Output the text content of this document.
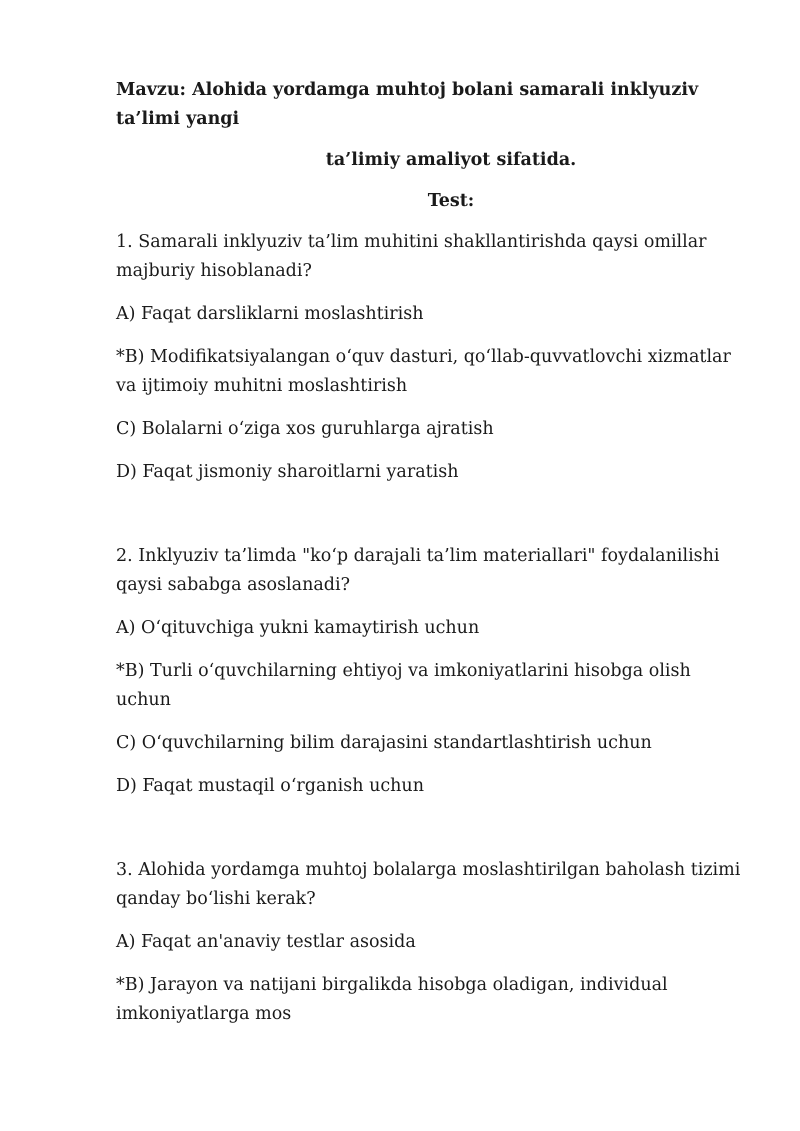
Mavzu: Alohida yordamga muhtoj bolani samarali inklyuziv
ta’limi yangi

ta’limiy amaliyot sifatida.

Test:

1. Samarali inklyuziv ta’lim muhitini shakllantirishda qaysi omillar majburiy hisoblanadi?

A) Faqat darsliklarni moslashtirish

*B) Modifikatsiyalangan o‘quv dasturi, qo‘llab-quvvatlovchi xizmatlar va ijtimoiy muhitni moslashtirish

C) Bolalarni o‘ziga xos guruhlarga ajratish

D) Faqat jismoniy sharoitlarni yaratish

2. Inklyuziv ta’limda "ko‘p darajali ta’lim materiallari" foydalanilishi qaysi sababga asoslanadi?

A) O‘qituvchiga yukni kamaytirish uchun

*B) Turli o‘quvchilarning ehtiyoj va imkoniyatlarini hisobga olish uchun

C) O‘quvchilarning bilim darajasini standartlashtirish uchun

D) Faqat mustaqil o‘rganish uchun

3. Alohida yordamga muhtoj bolalarga moslashtirilgan baholash tizimi qanday bo‘lishi kerak?

A) Faqat an'anaviy testlar asosida

*B) Jarayon va natijani birgalikda hisobga oladigan, individual imkoniyatlarga mos
